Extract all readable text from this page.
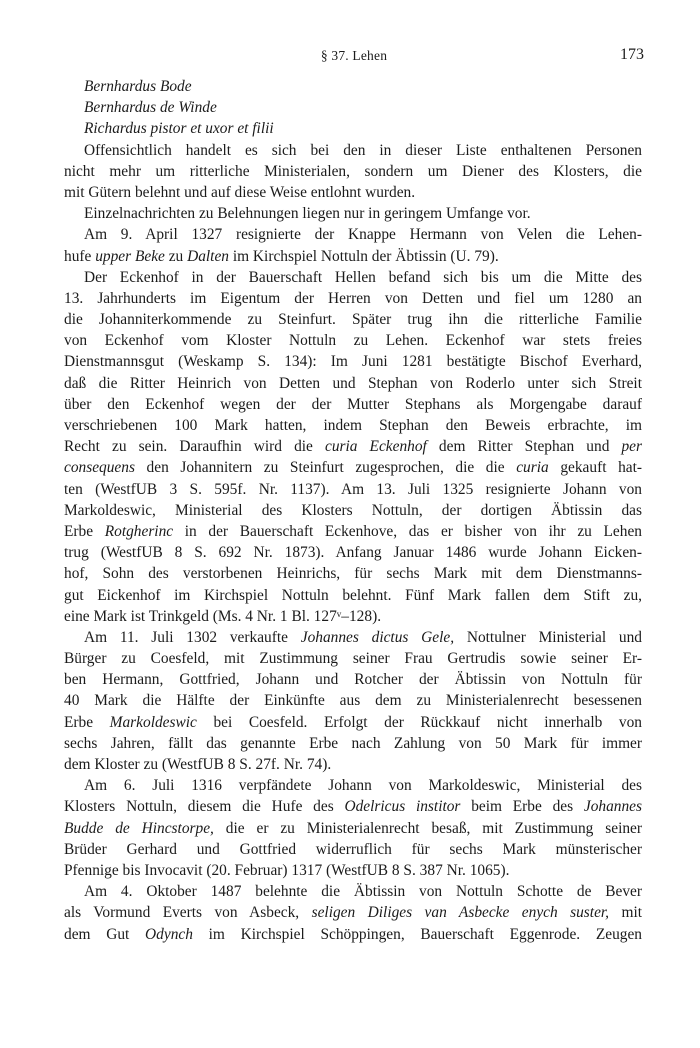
§ 37. Lehen	173
Bernhardus Bode
Bernhardus de Winde
Richardus pistor et uxor et filii
Offensichtlich handelt es sich bei den in dieser Liste enthaltenen Personen
nicht mehr um ritterliche Ministerialen, sondern um Diener des Klosters, die
mit Gütern belehnt und auf diese Weise entlohnt wurden.
Einzelnachrichten zu Belehnungen liegen nur in geringem Umfange vor.
Am 9. April 1327 resignierte der Knappe Hermann von Velen die Lehen-
hufe upper Beke zu Dalten im Kirchspiel Nottuln der Äbtissin (U. 79).
Der Eckenhof in der Bauerschaft Hellen befand sich bis um die Mitte des
13. Jahrhunderts im Eigentum der Herren von Detten und fiel um 1280 an
die Johanniterkommende zu Steinfurt. Später trug ihn die ritterliche Familie
von Eckenhof vom Kloster Nottuln zu Lehen. Eckenhof war stets freies
Dienstmannsgut (Weskamp S. 134): Im Juni 1281 bestätigte Bischof Everhard,
daß die Ritter Heinrich von Detten und Stephan von Roderlo unter sich Streit
über den Eckenhof wegen der der Mutter Stephans als Morgengabe darauf
verschriebenen 100 Mark hatten, indem Stephan den Beweis erbrachte, im
Recht zu sein. Daraufhin wird die curia Eckenhof dem Ritter Stephan und per
consequens den Johannitern zu Steinfurt zugesprochen, die die curia gekauft hat-
ten (WestfUB 3 S. 595f. Nr. 1137). Am 13. Juli 1325 resignierte Johann von
Markoldeswic, Ministerial des Klosters Nottuln, der dortigen Äbtissin das
Erbe Rotgherinc in der Bauerschaft Eckenhove, das er bisher von ihr zu Lehen
trug (WestfUB 8 S. 692 Nr. 1873). Anfang Januar 1486 wurde Johann Eicken-
hof, Sohn des verstorbenen Heinrichs, für sechs Mark mit dem Dienstmanns-
gut Eickenhof im Kirchspiel Nottuln belehnt. Fünf Mark fallen dem Stift zu,
eine Mark ist Trinkgeld (Ms. 4 Nr. 1 Bl. 127ᵛ–128).
Am 11. Juli 1302 verkaufte Johannes dictus Gele, Nottulner Ministerial und
Bürger zu Coesfeld, mit Zustimmung seiner Frau Gertrudis sowie seiner Er-
ben Hermann, Gottfried, Johann und Rotcher der Äbtissin von Nottuln für
40 Mark die Hälfte der Einkünfte aus dem zu Ministerialenrecht besessenen
Erbe Markoldeswic bei Coesfeld. Erfolgt der Rückkauf nicht innerhalb von
sechs Jahren, fällt das genannte Erbe nach Zahlung von 50 Mark für immer
dem Kloster zu (WestfUB 8 S. 27f. Nr. 74).
Am 6. Juli 1316 verpfändete Johann von Markoldeswic, Ministerial des
Klosters Nottuln, diesem die Hufe des Odelricus institor beim Erbe des Johannes
Budde de Hincstorpe, die er zu Ministerialenrecht besaß, mit Zustimmung seiner
Brüder Gerhard und Gottfried widerruflich für sechs Mark münsterischer
Pfennige bis Invocavit (20. Februar) 1317 (WestfUB 8 S. 387 Nr. 1065).
Am 4. Oktober 1487 belehnte die Äbtissin von Nottuln Schotte de Bever
als Vormund Everts von Asbeck, seligen Diliges van Asbecke enych suster, mit
dem Gut Odynch im Kirchspiel Schöppingen, Bauerschaft Eggenrode. Zeugen
